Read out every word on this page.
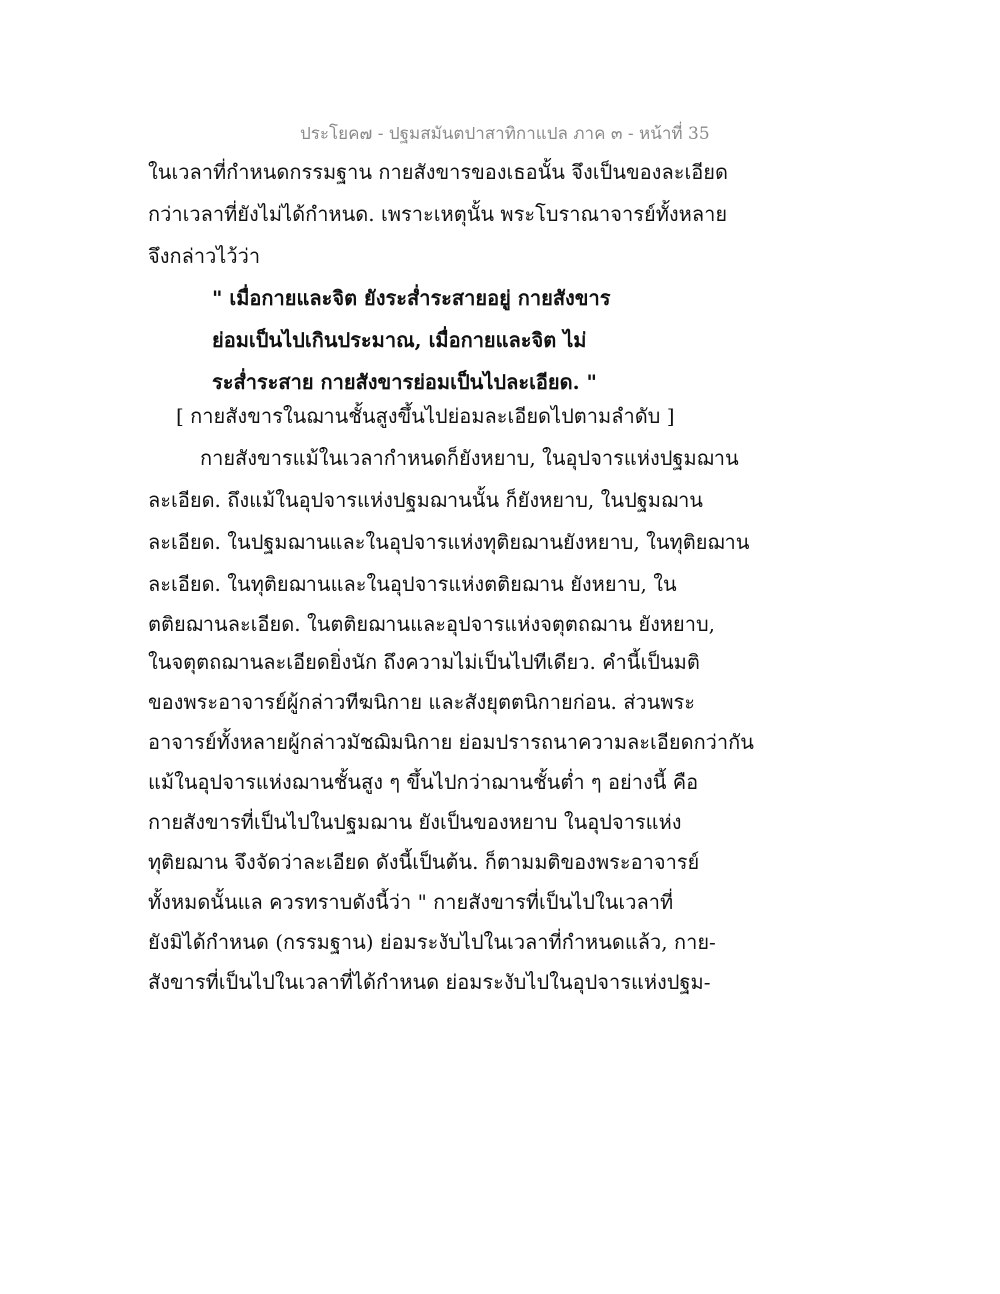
ประโยค๗ - ปฐมสมันตปาสาทิกาแปล ภาค ๓ - หน้าที่ 35
ในเวลาที่กำหนดกรรมฐาน กายสังขารของเธอนั้น จึงเป็นของละเอียด
กว่าเวลาที่ยังไม่ได้กำหนด. เพราะเหตุนั้น พระโบราณาจารย์ทั้งหลาย
จึงกล่าวไว้ว่า
" เมื่อกายและจิต ยังระส่ำระสายอยู่ กายสังขาร
ย่อมเป็นไปเกินประมาณ, เมื่อกายและจิต ไม่
ระส่ำระสาย กายสังขารย่อมเป็นไปละเอียด. "
[ กายสังขารในฌานชั้นสูงขึ้นไปย่อมละเอียดไปตามลำดับ ]
กายสังขารแม้ในเวลากำหนดก็ยังหยาบ, ในอุปจารแห่งปฐมฌาน
ละเอียด. ถึงแม้ในอุปจารแห่งปฐมฌานนั้น ก็ยังหยาบ, ในปฐมฌาน
ละเอียด. ในปฐมฌานและในอุปจารแห่งทุติยฌานยังหยาบ, ในทุติยฌาน
ละเอียด. ในทุติยฌานและในอุปจารแห่งตติยฌาน ยังหยาบ, ใน
ตติยฌานละเอียด. ในตติยฌานและอุปจารแห่งจตุตถฌาน ยังหยาบ,
ในจตุตถฌานละเอียดยิ่งนัก ถึงความไม่เป็นไปทีเดียว. คำนี้เป็นมติ
ของพระอาจารย์ผู้กล่าวทีฆนิกาย และสังยุตตนิกายก่อน. ส่วนพระ
อาจารย์ทั้งหลายผู้กล่าวมัชฌิมนิกาย ย่อมปรารถนาความละเอียดกว่ากัน
แม้ในอุปจารแห่งฌานชั้นสูง ๆ ขึ้นไปกว่าฌานชั้นต่ำ ๆ อย่างนี้ คือ
กายสังขารที่เป็นไปในปฐมฌาน ยังเป็นของหยาบ ในอุปจารแห่ง
ทุติยฌาน จึงจัดว่าละเอียด ดังนี้เป็นต้น. ก็ตามมติของพระอาจารย์
ทั้งหมดนั้นแล ควรทราบดังนี้ว่า " กายสังขารที่เป็นไปในเวลาที่
ยังมิได้กำหนด (กรรมฐาน) ย่อมระงับไปในเวลาที่กำหนดแล้ว, กาย-
สังขารที่เป็นไปในเวลาที่ได้กำหนด ย่อมระงับไปในอุปจารแห่งปฐม-
